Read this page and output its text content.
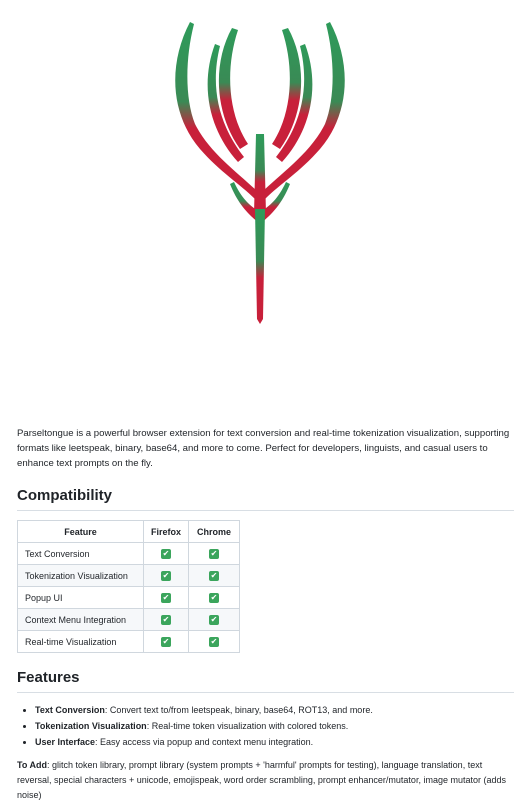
Parseltongue is a powerful browser extension for text conversion and real-time tokenization visualization, supporting formats like leetspeak, binary, base64, and more to come. Perfect for developers, linguists, and casual users to enhance text prompts on the fly.

Compatibility
Feature	Firefox	Chrome
Text Conversion	✔	✔
Tokenization Visualization	✔	✔
Popup UI	✔	✔
Context Menu Integration	✔	✔
Real-time Visualization	✔	✔
Features
• Text Conversion: Convert text to/from leetspeak, binary, base64, ROT13, and more.
• Tokenization Visualization: Real-time token visualization with colored tokens.
• User Interface: Easy access via popup and context menu integration.

To Add: glitch token library, prompt library (system prompts + 'harmful' prompts for testing), language translation, text reversal, special characters + unicode, emojispeak, word order scrambling, prompt enhancer/mutator, image mutator (adds noise)
